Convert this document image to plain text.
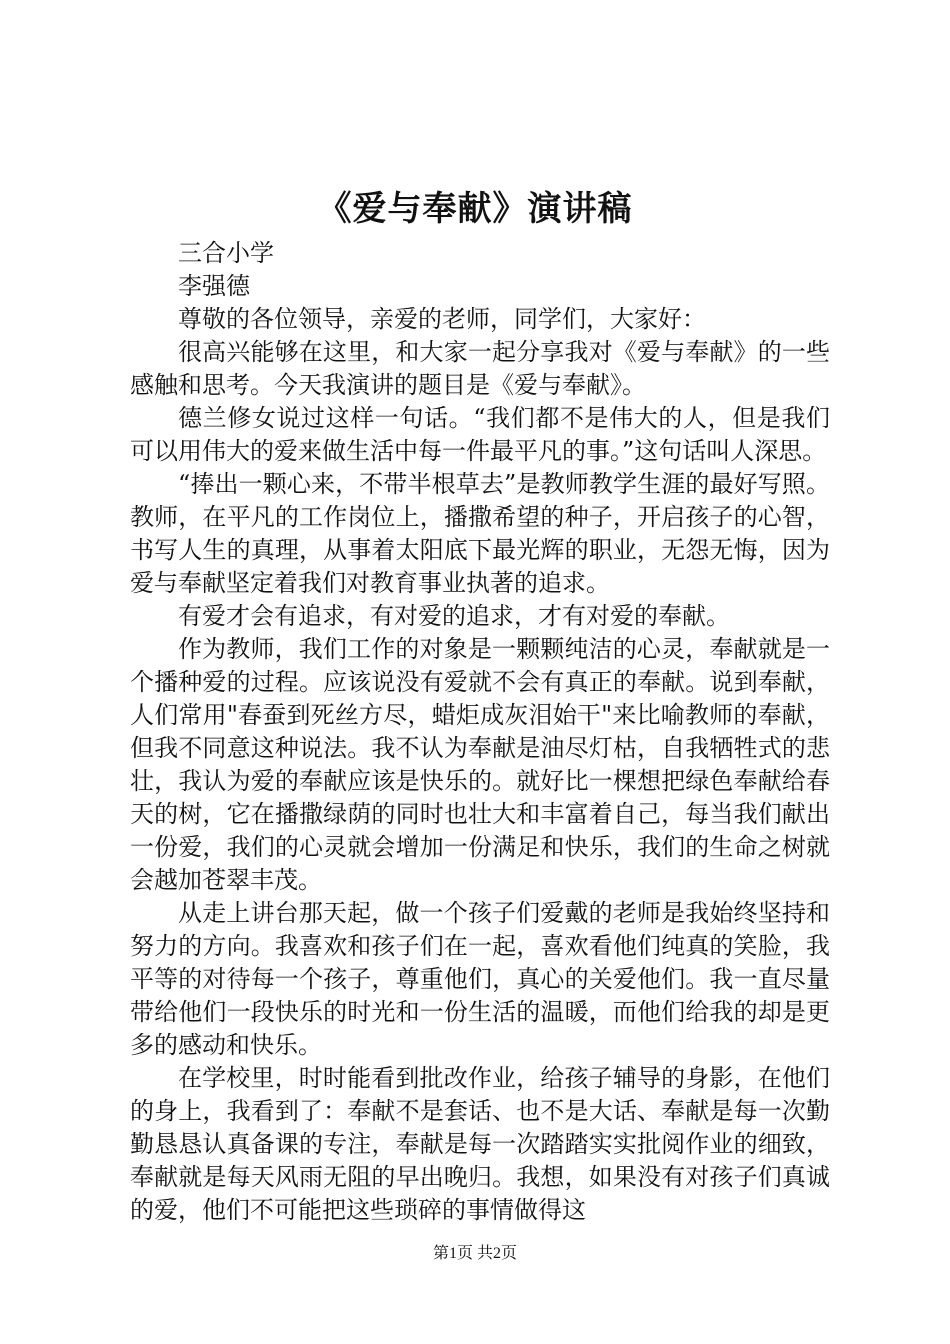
《爱与奉献》演讲稿

三合小学

李强德

尊敬的各位领导，亲爱的老师，同学们，大家好：

很高兴能够在这里，和大家一起分享我对《爱与奉献》的一些感触和思考。今天我演讲的题目是《爱与奉献》。

德兰修女说过这样一句话。“我们都不是伟大的人，但是我们可以用伟大的爱来做生活中每一件最平凡的事。”这句话叫人深思。

“捧出一颗心来，不带半根草去”是教师教学生涯的最好写照。教师，在平凡的工作岗位上，播撒希望的种子，开启孩子的心智，书写人生的真理，从事着太阳底下最光辉的职业，无怨无悔，因为爱与奉献坚定着我们对教育事业执著的追求。

有爱才会有追求，有对爱的追求，才有对爱的奉献。

作为教师，我们工作的对象是一颗颗纯洁的心灵，奉献就是一个播种爱的过程。应该说没有爱就不会有真正的奉献。说到奉献，人们常用"春蚕到死丝方尽，蜡炬成灰泪始干"来比喻教师的奉献，但我不同意这种说法。我不认为奉献是油尽灯枯，自我牺牲式的悲壮，我认为爱的奉献应该是快乐的。就好比一棵想把绿色奉献给春天的树，它在播撒绿荫的同时也壮大和丰富着自己，每当我们献出一份爱，我们的心灵就会增加一份满足和快乐，我们的生命之树就会越加苍翠丰茂。

从走上讲台那天起，做一个孩子们爱戴的老师是我始终坚持和努力的方向。我喜欢和孩子们在一起，喜欢看他们纯真的笑脸，我平等的对待每一个孩子，尊重他们，真心的关爱他们。我一直尽量带给他们一段快乐的时光和一份生活的温暖，而他们给我的却是更多的感动和快乐。

在学校里，时时能看到批改作业，给孩子辅导的身影，在他们的身上，我看到了：奉献不是套话、也不是大话、奉献是每一次勤勤恳恳认真备课的专注，奉献是每一次踏踏实实批阅作业的细致，奉献就是每天风雨无阻的早出晚归。我想，如果没有对孩子们真诚的爱，他们不可能把这些琐碎的事情做得这

第1页 共2页
